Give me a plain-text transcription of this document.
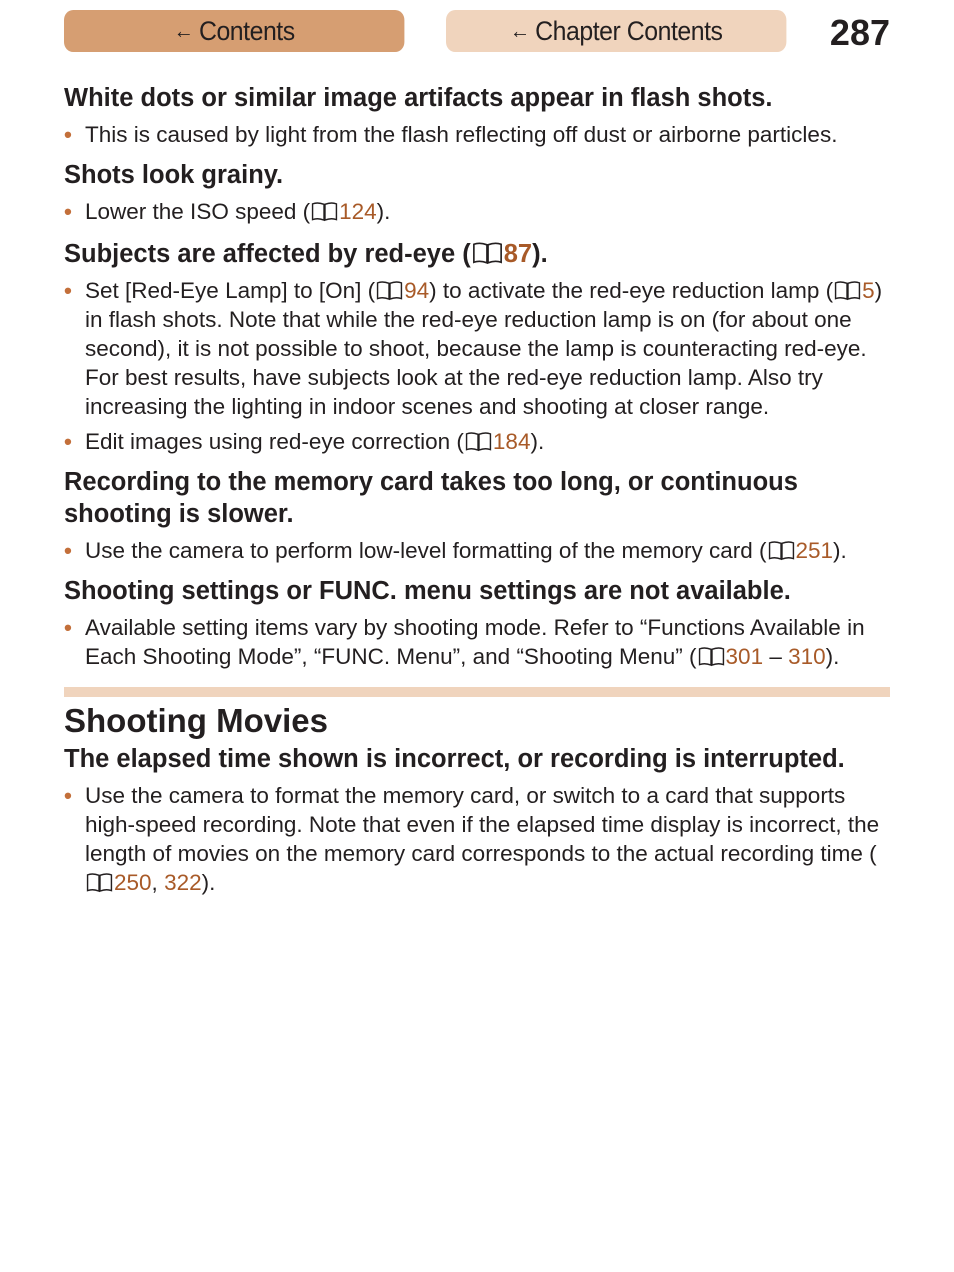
← Contents	← Chapter Contents	287
White dots or similar image artifacts appear in flash shots.
• This is caused by light from the flash reflecting off dust or airborne particles.
Shots look grainy.
• Lower the ISO speed ( 124).
Subjects are affected by red-eye ( 87).
• Set [Red-Eye Lamp] to [On] ( 94) to activate the red-eye reduction lamp ( 5) in flash shots. Note that while the red-eye reduction lamp is on (for about one second), it is not possible to shoot, because the lamp is counteracting red-eye. For best results, have subjects look at the red-eye reduction lamp. Also try increasing the lighting in indoor scenes and shooting at closer range.
• Edit images using red-eye correction ( 184).
Recording to the memory card takes too long, or continuous shooting is slower.
• Use the camera to perform low-level formatting of the memory card ( 251).
Shooting settings or FUNC. menu settings are not available.
• Available setting items vary by shooting mode. Refer to “Functions Available in Each Shooting Mode”, “FUNC. Menu”, and “Shooting Menu” ( 301 – 310).
Shooting Movies
The elapsed time shown is incorrect, or recording is interrupted.
• Use the camera to format the memory card, or switch to a card that supports high-speed recording. Note that even if the elapsed time display is incorrect, the length of movies on the memory card corresponds to the actual recording time (250, 322).
